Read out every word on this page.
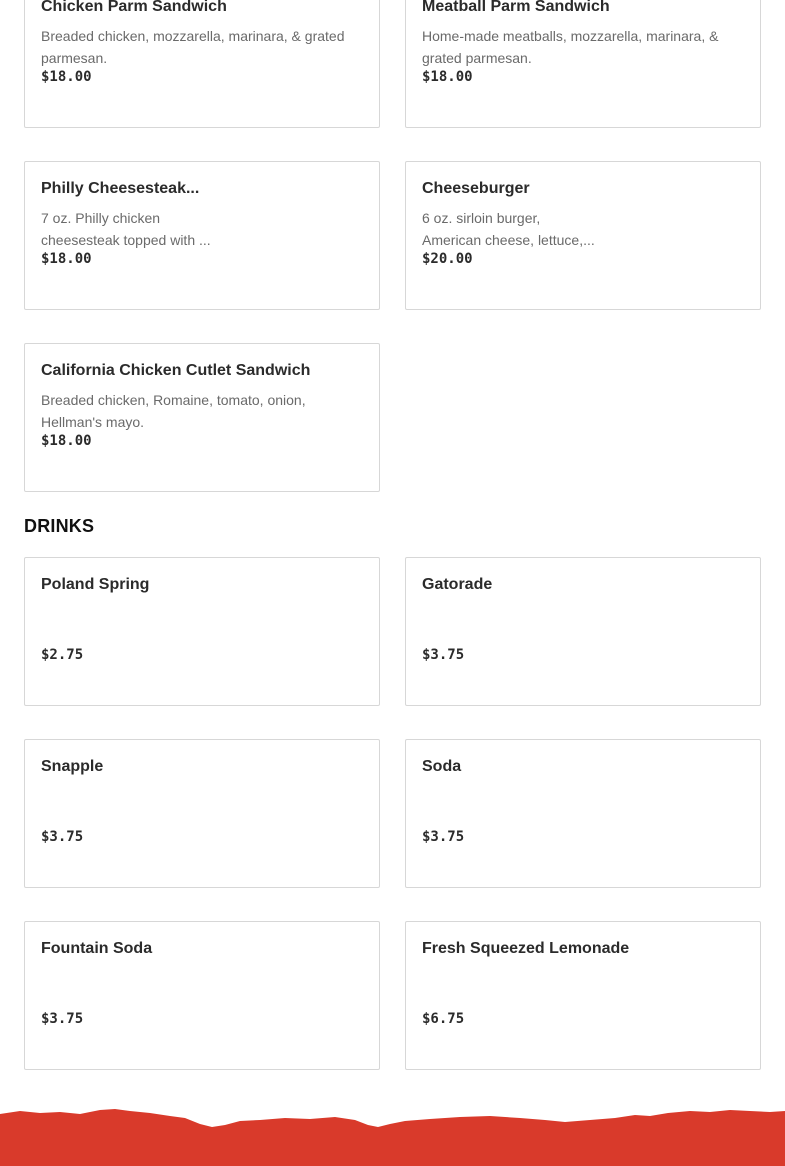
Chicken Parm Sandwich
Breaded chicken, mozzarella, marinara, & grated
parmesan.
$18.00
Meatball Parm Sandwich
Home-made meatballs, mozzarella, marinara, &
grated parmesan.
$18.00
Philly Cheesesteak...
7 oz. Philly chicken
cheesesteak topped with ...
$18.00
Cheeseburger
6 oz. sirloin burger,
American cheese, lettuce,...
$20.00
California Chicken Cutlet Sandwich
Breaded chicken, Romaine, tomato, onion,
Hellman's mayo.
$18.00
DRINKS
Poland Spring
$2.75
Gatorade
$3.75
Snapple
$3.75
Soda
$3.75
Fountain Soda
$3.75
Fresh Squeezed Lemonade
$6.75
